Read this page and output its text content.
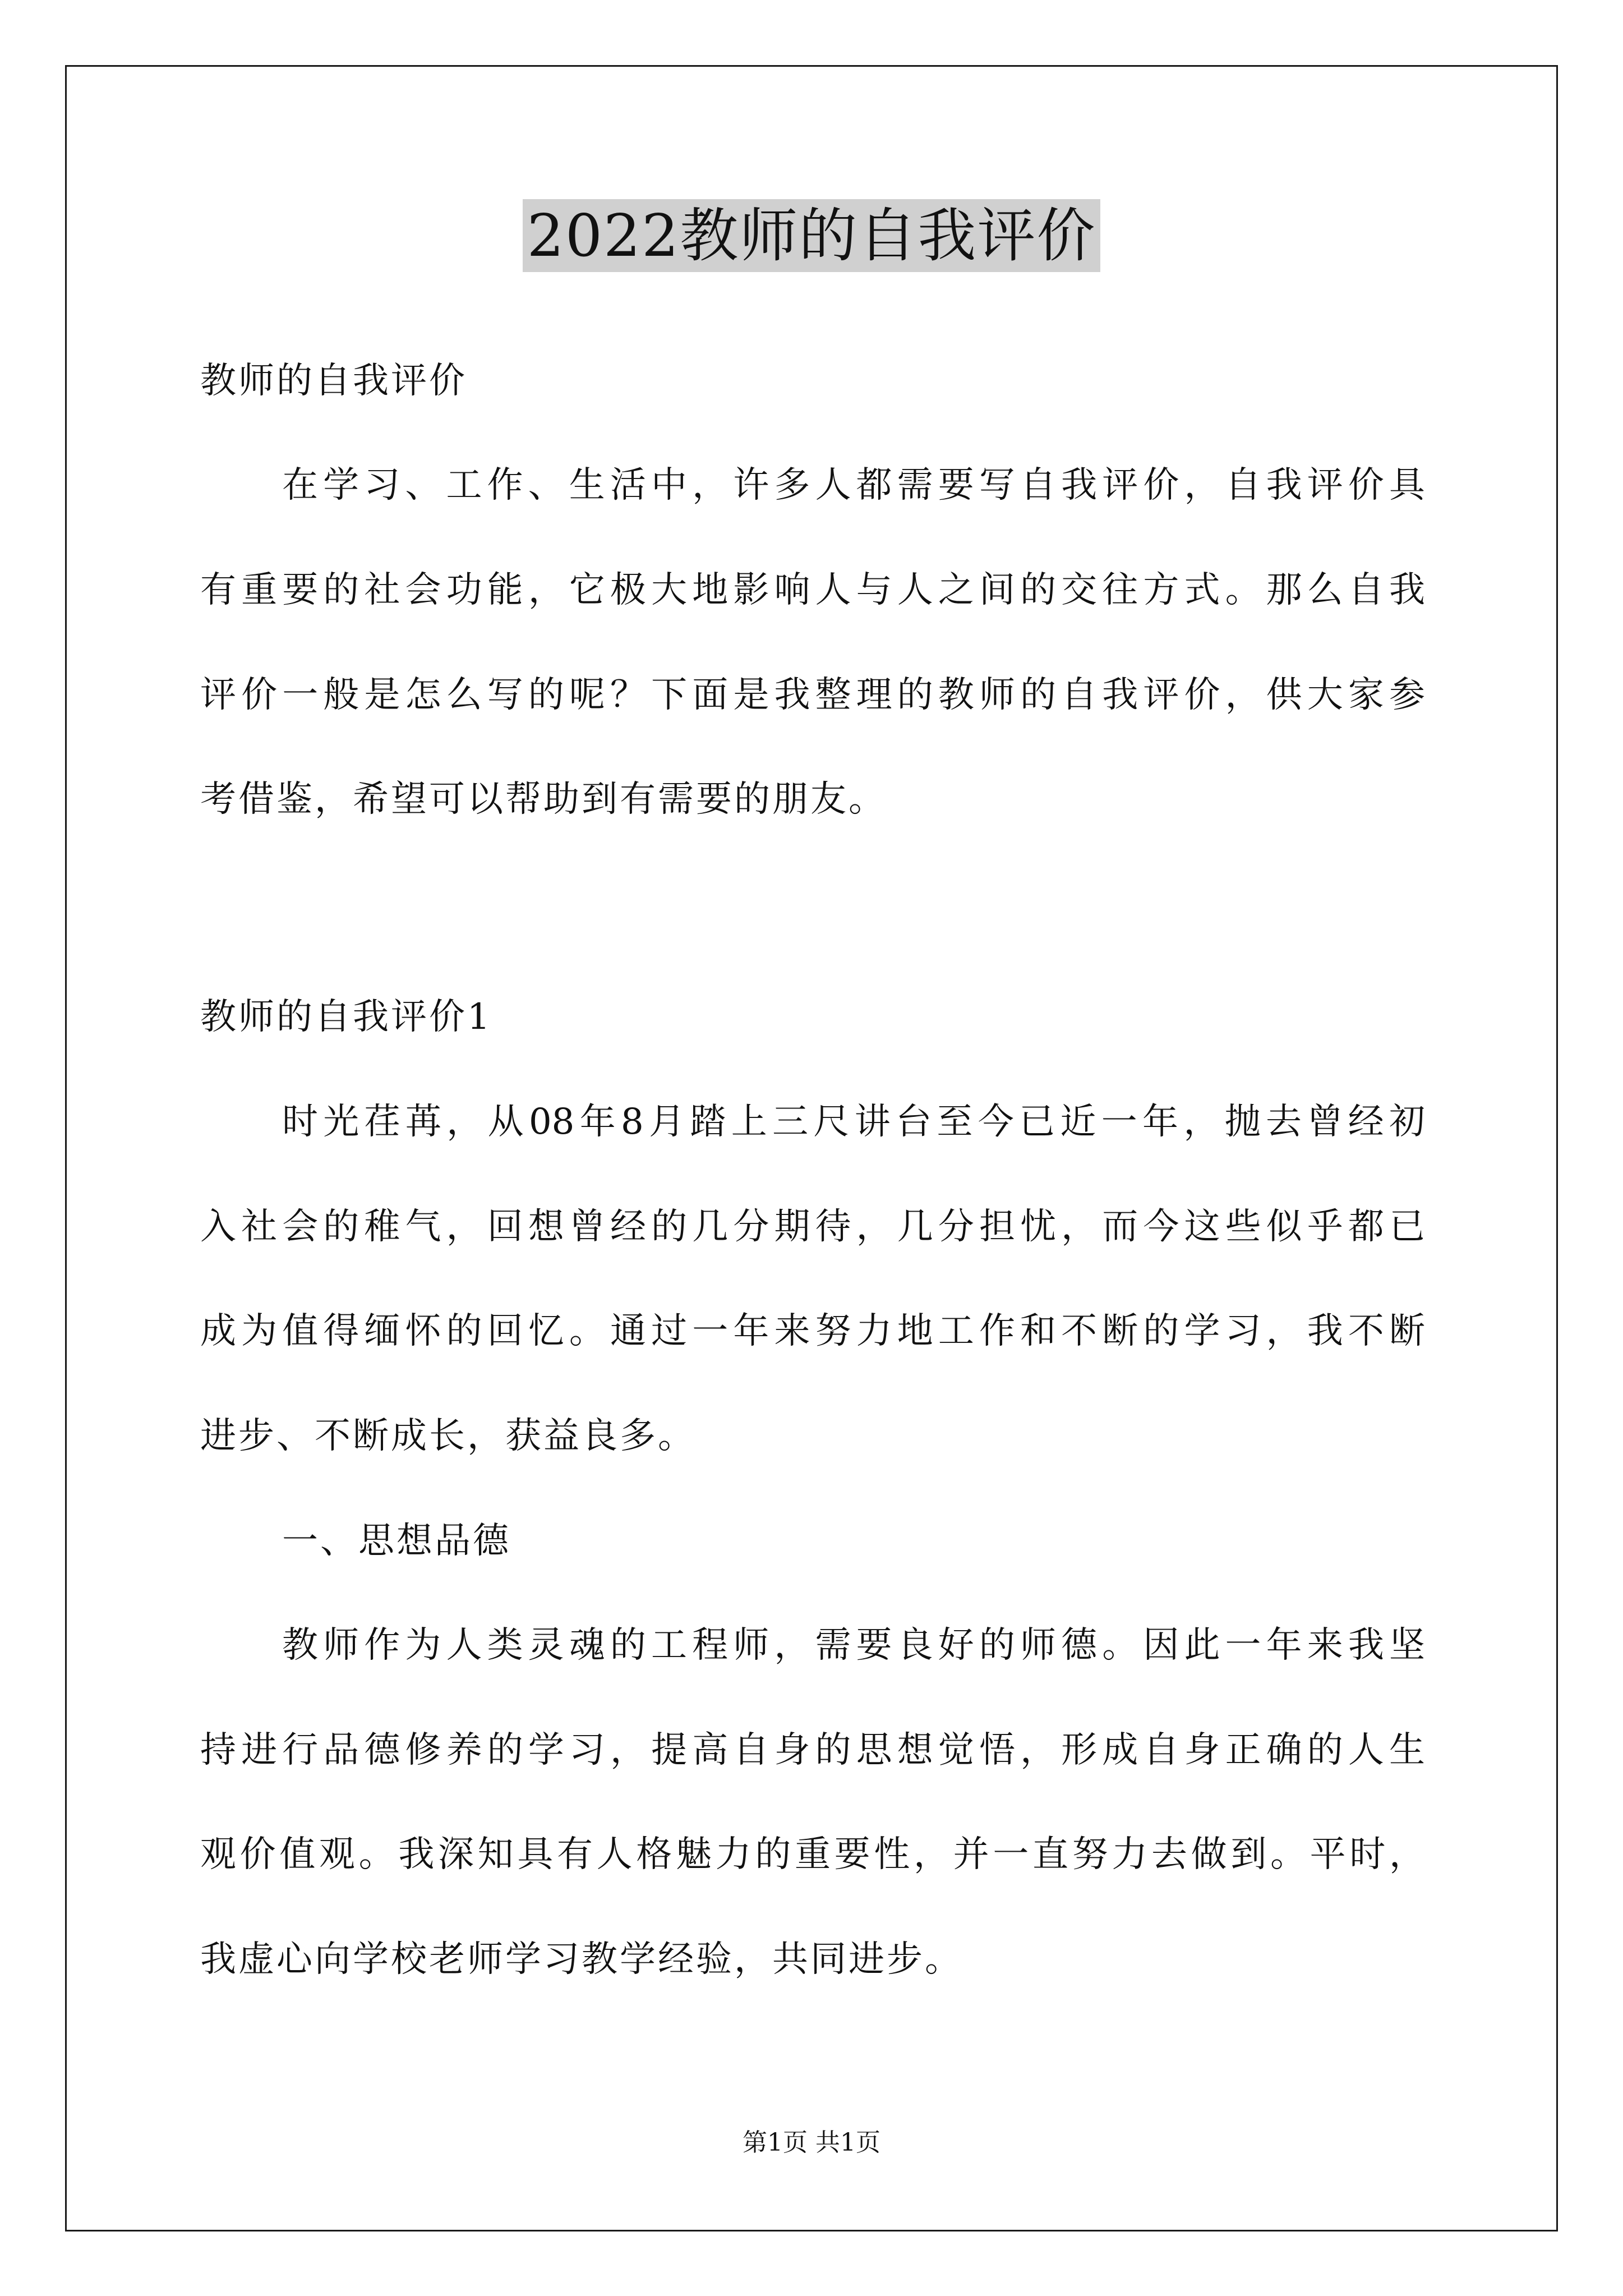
2022教师的自我评价

教师的自我评价

在学习、工作、生活中，许多人都需要写自我评价，自我评价具

有重要的社会功能，它极大地影响人与人之间的交往方式。那么自我

评价一般是怎么写的呢？下面是我整理的教师的自我评价，供大家参

考借鉴，希望可以帮助到有需要的朋友。

教师的自我评价1

时光荏苒，从08年8月踏上三尺讲台至今已近一年，抛去曾经初

入社会的稚气，回想曾经的几分期待，几分担忧，而今这些似乎都已

成为值得缅怀的回忆。通过一年来努力地工作和不断的学习，我不断

进步、不断成长，获益良多。

一、思想品德

教师作为人类灵魂的工程师，需要良好的师德。因此一年来我坚

持进行品德修养的学习，提高自身的思想觉悟，形成自身正确的人生

观价值观。我深知具有人格魅力的重要性，并一直努力去做到。平时，

我虚心向学校老师学习教学经验，共同进步。

第1页 共1页
